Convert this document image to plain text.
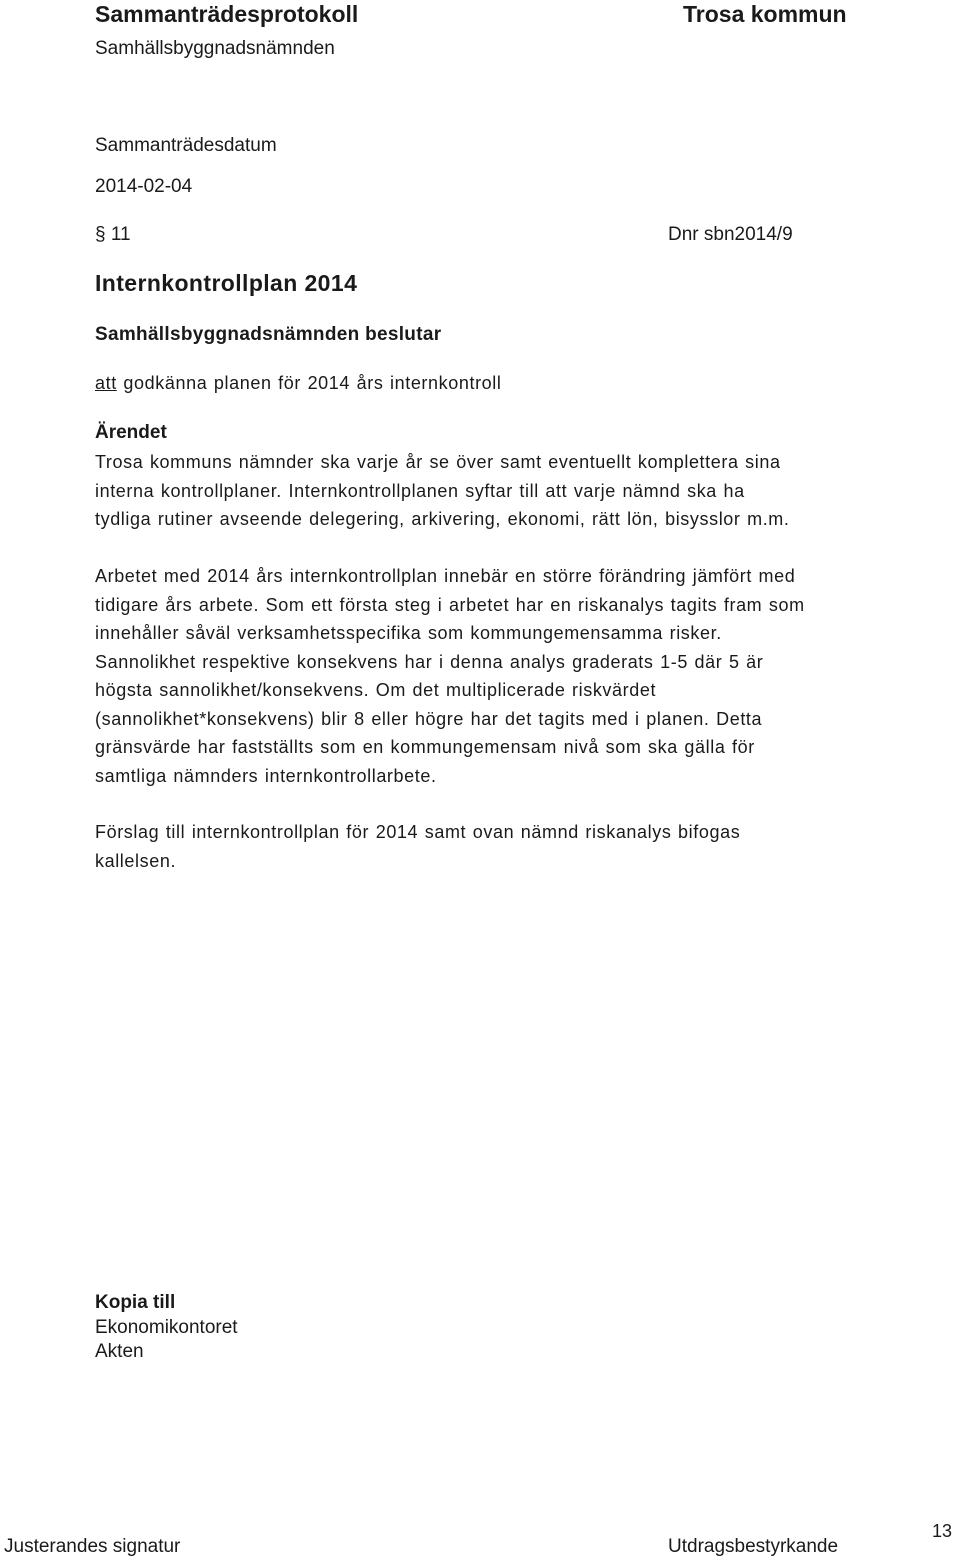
Sammanträdesprotokoll	Trosa kommun
Samhällsbyggnadsnämnden
Sammanträdesdatum
2014-02-04
§ 11	Dnr sbn2014/9
Internkontrollplan 2014
Samhällsbyggnadsnämnden beslutar
att godkänna planen för 2014 års internkontroll
Ärendet
Trosa kommuns nämnder ska varje år se över samt eventuellt komplettera sina
interna kontrollplaner. Internkontrollplanen syftar till att varje nämnd ska ha
tydliga rutiner avseende delegering, arkivering, ekonomi, rätt lön, bisysslor m.m.
Arbetet med 2014 års internkontrollplan innebär en större förändring jämfört med
tidigare års arbete. Som ett första steg i arbetet har en riskanalys tagits fram som
innehåller såväl verksamhetsspecifika som kommungemensamma risker.
Sannolikhet respektive konsekvens har i denna analys graderats 1-5 där 5 är
högsta sannolikhet/konsekvens. Om det multiplicerade riskvärdet
(sannolikhet*konsekvens) blir 8 eller högre har det tagits med i planen. Detta
gränsvärde har fastställts som en kommungemensam nivå som ska gälla för
samtliga nämnders internkontrollarbete.
Förslag till internkontrollplan för 2014 samt ovan nämnd riskanalys bifogas
kallelsen.
Kopia till
Ekonomikontoret
Akten
Justerandes signatur	Utdragsbestyrkande
13
